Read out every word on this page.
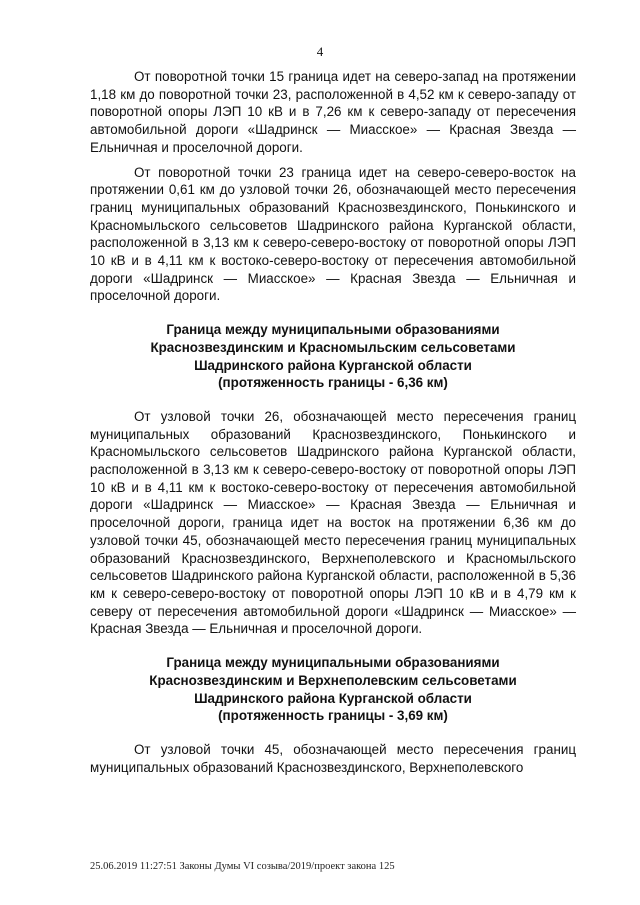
4

От поворотной точки 15 граница идет на северо-запад на протяжении 1,18 км до поворотной точки 23, расположенной в 4,52 км к северо-западу от поворотной опоры ЛЭП 10 кВ и в 7,26 км к северо-западу от пересечения автомобильной дороги «Шадринск — Миасское» — Красная Звезда — Ельничная и проселочной дороги.

От поворотной точки 23 граница идет на северо-северо-восток на протяжении 0,61 км до узловой точки 26, обозначающей место пересечения границ муниципальных образований Краснозвездинского, Понькинского и Красномыльского сельсоветов Шадринского района Курганской области, расположенной в 3,13 км к северо-северо-востоку от поворотной опоры ЛЭП 10 кВ и в 4,11 км к востоко-северо-востоку от пересечения автомобильной дороги «Шадринск — Миасское» — Красная Звезда — Ельничная и проселочной дороги.

Граница между муниципальными образованиями
Краснозвездинским и Красномыльским сельсоветами
Шадринского района Курганской области
(протяженность границы - 6,36 км)

От узловой точки 26, обозначающей место пересечения границ муниципальных образований Краснозвездинского, Понькинского и Красномыльского сельсоветов Шадринского района Курганской области, расположенной в 3,13 км к северо-северо-востоку от поворотной опоры ЛЭП 10 кВ и в 4,11 км к востоко-северо-востоку от пересечения автомобильной дороги «Шадринск — Миасское» — Красная Звезда — Ельничная и проселочной дороги, граница идет на восток на протяжении 6,36 км до узловой точки 45, обозначающей место пересечения границ муниципальных образований Краснозвездинского, Верхнеполевского и Красномыльского сельсоветов Шадринского района Курганской области, расположенной в 5,36 км к северо-северо-востоку от поворотной опоры ЛЭП 10 кВ и в 4,79 км к северу от пересечения автомобильной дороги «Шадринск — Миасское» — Красная Звезда — Ельничная и проселочной дороги.

Граница между муниципальными образованиями
Краснозвездинским и Верхнеполевским сельсоветами
Шадринского района Курганской области
(протяженность границы - 3,69 км)

От узловой точки 45, обозначающей место пересечения границ муниципальных образований Краснозвездинского, Верхнеполевского

25.06.2019 11:27:51 Законы Думы VI созыва/2019/проект закона 125
